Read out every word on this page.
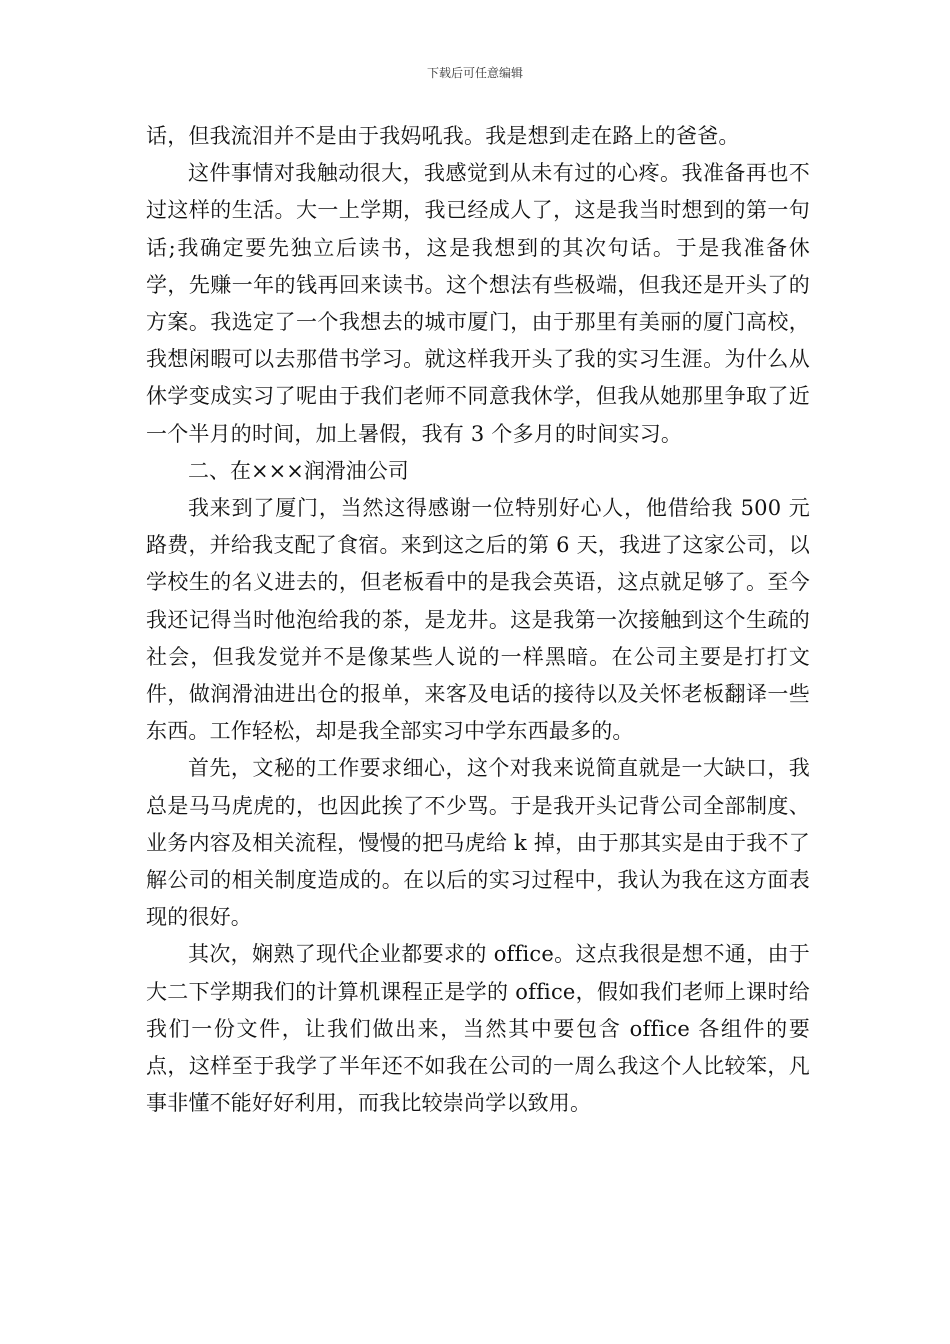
下载后可任意编辑

话，但我流泪并不是由于我妈吼我。我是想到走在路上的爸爸。

这件事情对我触动很大，我感觉到从未有过的心疼。我准备再也不过这样的生活。大一上学期，我已经成人了，这是我当时想到的第一句话;我确定要先独立后读书，这是我想到的其次句话。于是我准备休学，先赚一年的钱再回来读书。这个想法有些极端，但我还是开头了的方案。我选定了一个我想去的城市厦门，由于那里有美丽的厦门高校，我想闲暇可以去那借书学习。就这样我开头了我的实习生涯。为什么从休学变成实习了呢由于我们老师不同意我休学，但我从她那里争取了近一个半月的时间，加上暑假，我有 3 个多月的时间实习。

二、在×××润滑油公司

我来到了厦门，当然这得感谢一位特别好心人，他借给我 500 元路费，并给我支配了食宿。来到这之后的第 6 天，我进了这家公司，以学校生的名义进去的，但老板看中的是我会英语，这点就足够了。至今我还记得当时他泡给我的茶，是龙井。这是我第一次接触到这个生疏的社会，但我发觉并不是像某些人说的一样黑暗。在公司主要是打打文件，做润滑油进出仓的报单，来客及电话的接待以及关怀老板翻译一些东西。工作轻松，却是我全部实习中学东西最多的。

首先，文秘的工作要求细心，这个对我来说简直就是一大缺口，我总是马马虎虎的，也因此挨了不少骂。于是我开头记背公司全部制度、业务内容及相关流程，慢慢的把马虎给 k 掉，由于那其实是由于我不了解公司的相关制度造成的。在以后的实习过程中，我认为我在这方面表现的很好。

其次，娴熟了现代企业都要求的 office。这点我很是想不通，由于大二下学期我们的计算机课程正是学的 office，假如我们老师上课时给我们一份文件，让我们做出来，当然其中要包含 office 各组件的要点，这样至于我学了半年还不如我在公司的一周么我这个人比较笨，凡事非懂不能好好利用，而我比较崇尚学以致用。
